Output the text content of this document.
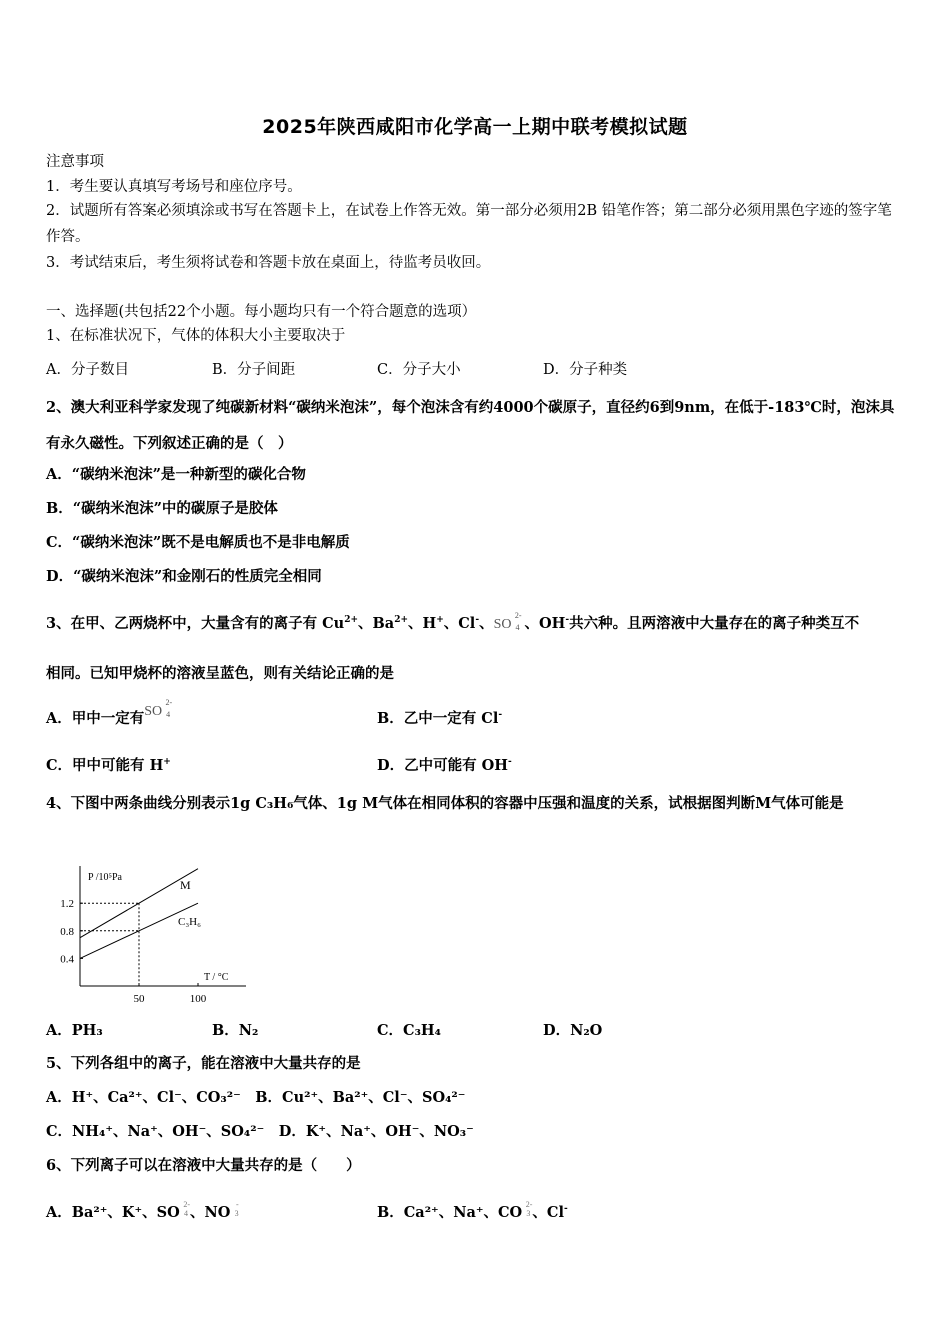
2025年陕西咸阳市化学高一上期中联考模拟试题
注意事项
1．考生要认真填写考场号和座位序号。
2．试题所有答案必须填涂或书写在答题卡上，在试卷上作答无效。第一部分必须用2B 铅笔作答；第二部分必须用黑色字迹的签字笔作答。
3．考试结束后，考生须将试卷和答题卡放在桌面上，待监考员收回。
一、选择题(共包括22个小题。每小题均只有一个符合题意的选项）
1、在标准状况下，气体的体积大小主要取决于
A．分子数目	B．分子间距	C．分子大小	D．分子种类
2、澳大利亚科学家发现了纯碳新材料“碳纳米泡沫”，每个泡沫含有约4000个碳原子，直径约6到9nm，在低于-183℃时，泡沫具有永久磁性。下列叙述正确的是（　）
A．“碳纳米泡沫”是一种新型的碳化合物
B．“碳纳米泡沫”中的碳原子是胶体
C．“碳纳米泡沫”既不是电解质也不是非电解质
D．“碳纳米泡沫”和金刚石的性质完全相同
3、在甲、乙两烧杯中，大量含有的离子有 $Cu^{2+}$、$Ba^{2+}$、H+、Cl-、SO
2-
4 、OH-共六种。且两溶液中大量存在的离子种类互不
相同。已知甲烧杯的溶液呈蓝色，则有关结论正确的是
A．甲中一定有SO
2-
4	B．乙中一定有 Cl-
C．甲中可能有 H+	D．乙中可能有 OH-
4、下图中两条曲线分别表示1g C₃H₆气体、1g M气体在相同体积的容器中压强和温度的关系，试根据图判断M气体可能是
0.4
0.8
1.2
50	100
M
C₃H₆
P /10⁵Pa
T / °C
A．PH₃	B．N₂	C．C₃H₄	D．N₂O
5、下列各组中的离子，能在溶液中大量共存的是
A．H⁺、Ca²⁺、Cl⁻、CO₃²⁻　B．Cu²⁺、Ba²⁺、Cl⁻、SO₄²⁻
C．NH₄⁺、Na⁺、OH⁻、SO₄²⁻　D．K⁺、Na⁺、OH⁻、NO₃⁻
6、下列离子可以在溶液中大量共存的是（　　）
A．Ba²⁺、K⁺、SO 2-
4 、NO -
3	B．Ca²⁺、Na⁺、CO 2-
3 、Cl-
